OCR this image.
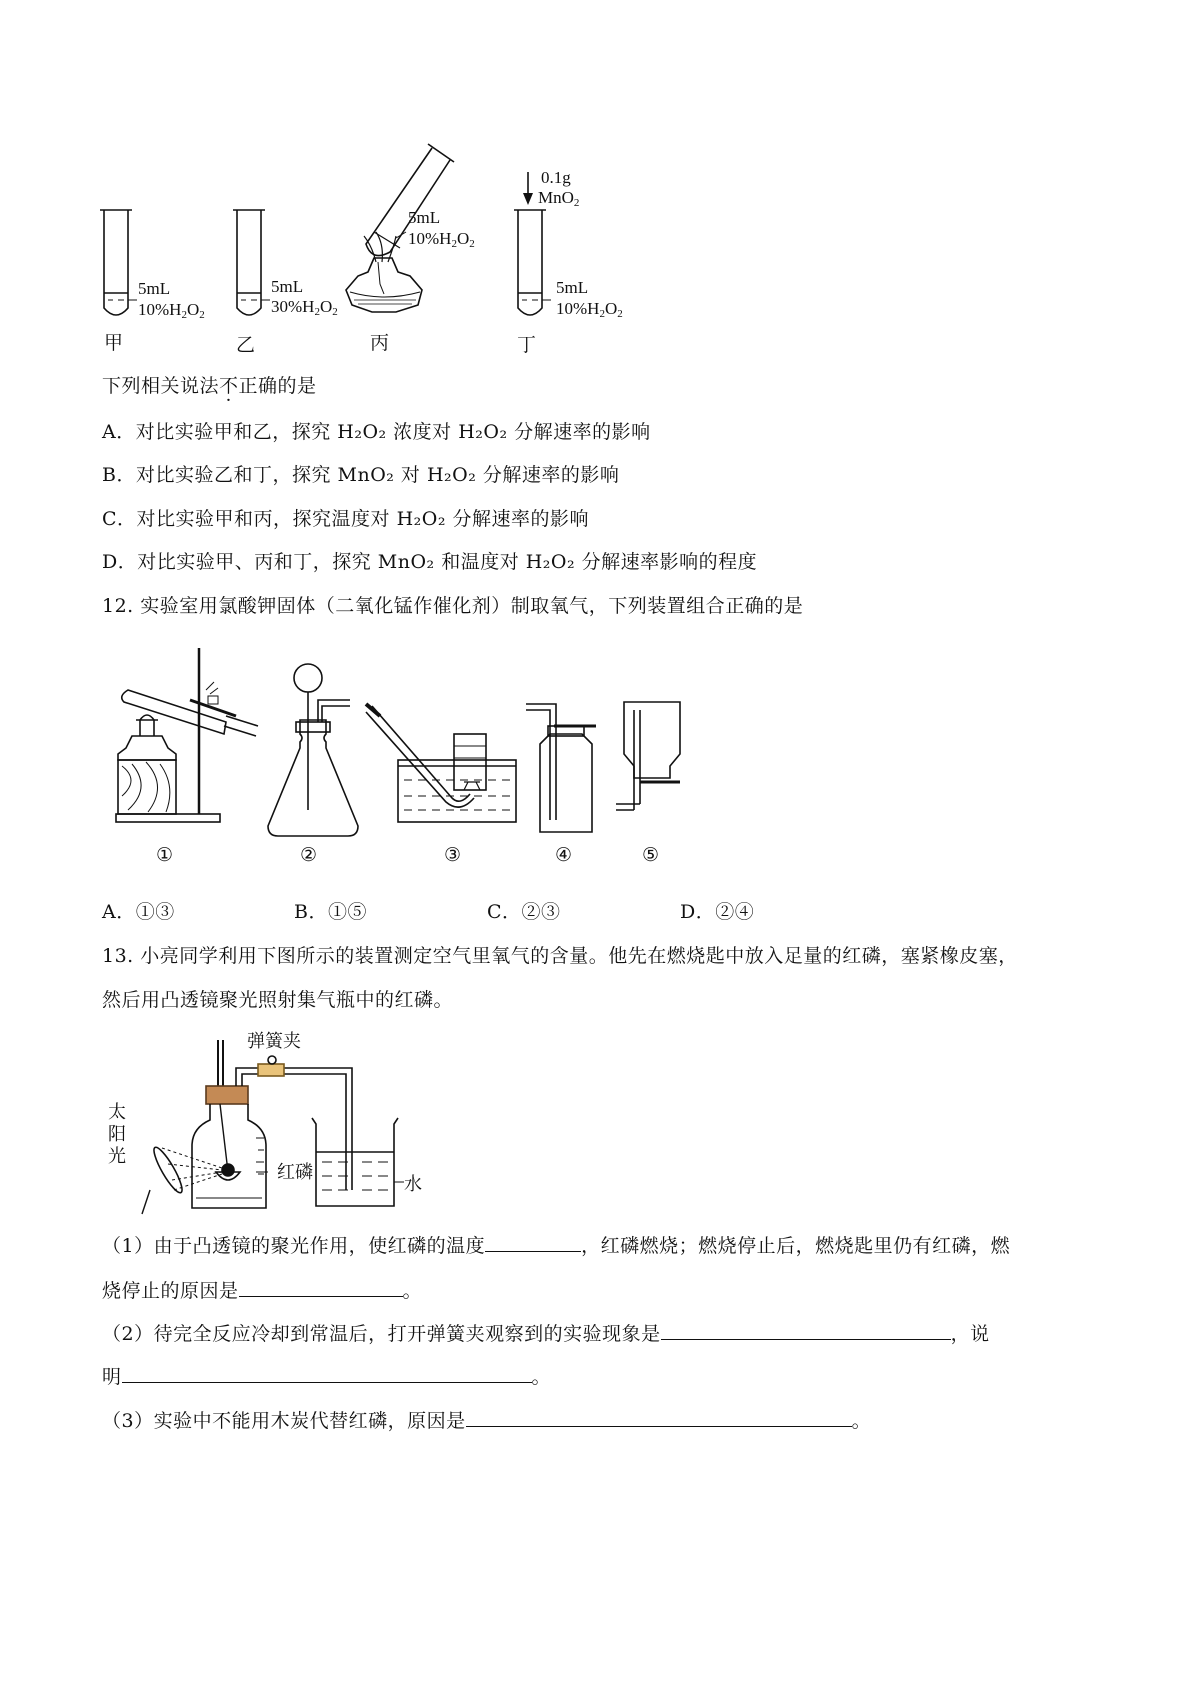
5mL
$10\%H_2O_2$
甲
5mL
$30\%H_2O_2$
乙
5mL
$10\%H_2O_2$
丙
0.1g
MnO$_2$
5mL
$10\%H_2O_2$
丁
下列相关说法不正确的是
A．对比实验甲和乙，探究 H₂O₂ 浓度对 H₂O₂ 分解速率的影响
B．对比实验乙和丁，探究 MnO₂ 对 H₂O₂ 分解速率的影响
C．对比实验甲和丙，探究温度对 H₂O₂ 分解速率的影响
D．对比实验甲、丙和丁，探究 MnO₂ 和温度对 H₂O₂ 分解速率影响的程度
12. 实验室用氯酸钾固体（二氧化锰作催化剂）制取氧气，下列装置组合正确的是
①	②	③	④	⑤
A．①③	B．①⑤	C．②③	D．②④
13. 小亮同学利用下图所示的装置测定空气里氧气的含量。他先在燃烧匙中放入足量的红磷，塞紧橡皮塞，
然后用凸透镜聚光照射集气瓶中的红磷。
弹簧夹
太
阳
光
红磷
水
（1）由于凸透镜的聚光作用，使红磷的温度	，红磷燃烧；燃烧停止后，燃烧匙里仍有红磷，燃
烧停止的原因是	。
（2）待完全反应冷却到常温后，打开弹簧夹观察到的实验现象是	，说
明	。
（3）实验中不能用木炭代替红磷，原因是	。
